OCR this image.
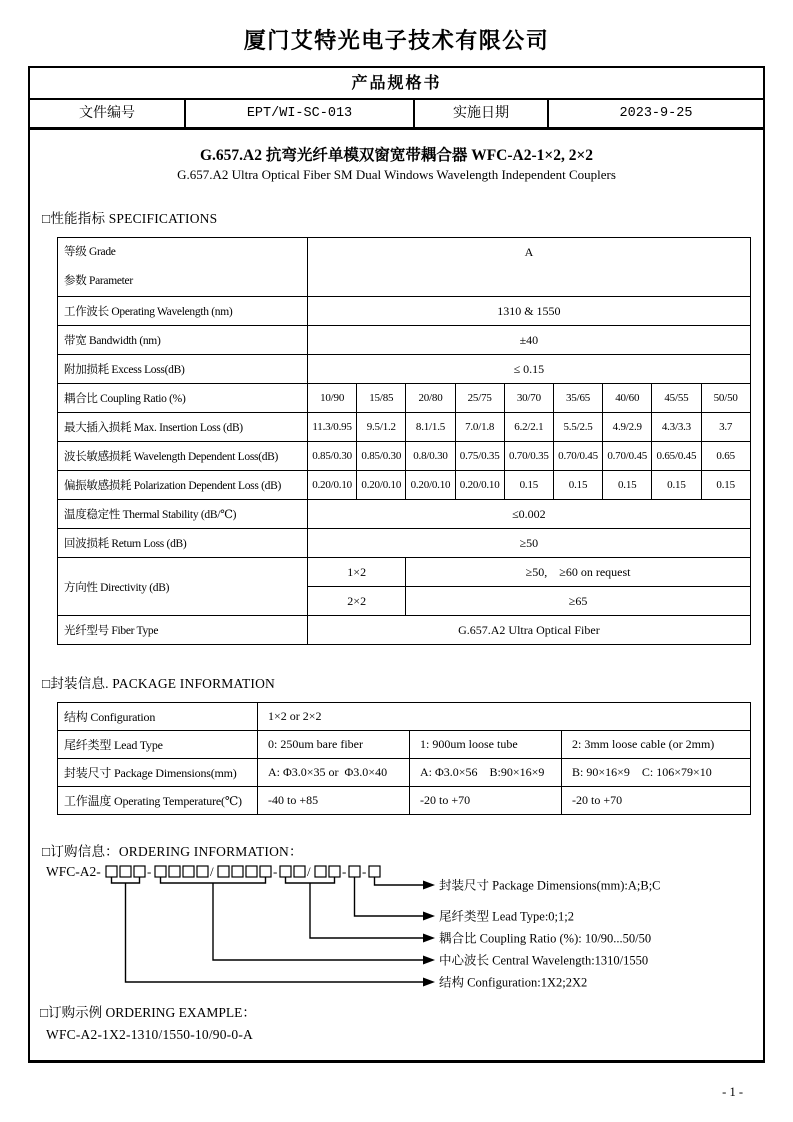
厦门艾特光电子技术有限公司
产品规格书
文件编号	EPT/WI-SC-013	实施日期	2023-9-25
G.657.A2 抗弯光纤单模双窗宽带耦合器 WFC-A2-1×2, 2×2
G.657.A2 Ultra Optical Fiber SM Dual Windows Wavelength Independent Couplers
□性能指标 SPECIFICATIONS
等级 Grade
参数 Parameter	A								
工作波长 Operating Wavelength (nm)	1310 & 1550								
带宽 Bandwidth (nm)	±40								
附加损耗 Excess Loss(dB)	≤ 0.15								
耦合比 Coupling Ratio (%)	10/90	15/85	20/80	25/75	30/70	35/65	40/60	45/55	50/50
最大插入损耗 Max. Insertion Loss (dB)	11.3/0.95	9.5/1.2	8.1/1.5	7.0/1.8	6.2/2.1	5.5/2.5	4.9/2.9	4.3/3.3	3.7
波长敏感损耗 Wavelength Dependent Loss(dB)	0.85/0.30	0.85/0.30	0.8/0.30	0.75/0.35	0.70/0.35	0.70/0.45	0.70/0.45	0.65/0.45	0.65
偏振敏感损耗 Polarization Dependent Loss (dB)	0.20/0.10	0.20/0.10	0.20/0.10	0.20/0.10	0.15	0.15	0.15	0.15	0.15
温度稳定性 Thermal Stability (dB/℃)	≤0.002								
回波损耗 Return Loss (dB)	≥50								
方向性 Directivity (dB)	1×2		≥50,  ≥60 on request						
	2×2		≥65						
光纤型号 Fiber Type	G.657.A2 Ultra Optical Fiber								
□封装信息. PACKAGE INFORMATION
结构 Configuration	1×2 or 2×2		
尾纤类型 Lead Type	0: 250um bare fiber	1: 900um loose tube	2: 3mm loose cable (or 2mm)
封装尺寸 Package Dimensions(mm)	A: Φ3.0×35 or Φ3.0×40	A: Φ3.0×56  B:90×16×9	B: 90×16×9  C: 106×79×10
工作温度 Operating Temperature(℃)	-40 to +85	-20 to +70	-20 to +70
□订购信息：ORDERING INFORMATION：
WFC-A2-	-	/	- / - -
封装尺寸 Package Dimensions(mm):A;B;C
尾纤类型 Lead Type:0;1;2
耦合比 Coupling Ratio (%): 10/90...50/50
中心波长 Central Wavelength:1310/1550
结构 Configuration:1X2;2X2
□订购示例 ORDERING EXAMPLE：
WFC-A2-1X2-1310/1550-10/90-0-A
- 1 -
